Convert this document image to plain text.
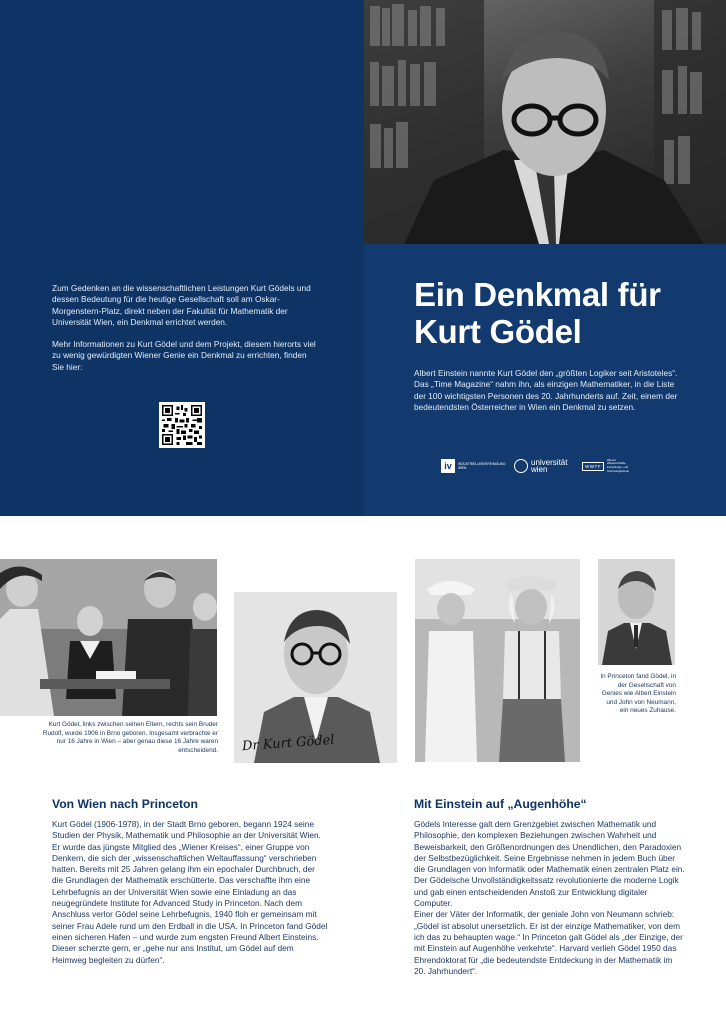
Zum Gedenken an die wissenschaftlichen Leistungen Kurt Gödels und dessen Bedeutung für die heutige Gesellschaft soll am Oskar-Morgenstern-Platz, direkt neben der Fakultät für Mathematik der Universität Wien, ein Denkmal errichtet werden.

Mehr Informationen zu Kurt Gödel und dem Projekt, diesem hierorts viel zu wenig gewürdigten Wiener Genie ein Denkmal zu errichten, finden Sie hier:

Ein Denkmal für
Kurt Gödel

Albert Einstein nannte Kurt Gödel den „größten Logiker seit Aristoteles“. Das „Time Magazine“ nahm ihn, als einzigen Mathematiker, in die Liste der 100 wichtigsten Personen des 20. Jahrhunderts auf. Zeit, einem der bedeutendsten Österreicher in Wien ein Denkmal zu setzen.

iv	INDUSTRIELLENVEREINIGUNG WIEN
universität
wien	WWTF
Wiener Wissenschafts-, Forschungs- und Technologiefonds

Kurt Gödel, links zwischen seinen Eltern, rechts sein Bruder Rudolf, wurde 1906 in Brno geboren. Insgesamt verbrachte er nur 16 Jahre in Wien – aber genau diese 16 Jahre waren entscheidend.

In Princeton fand Gödel, in der Gesellschaft von Genies wie Albert Einstein und John von Neumann, ein neues Zuhause.

Von Wien nach Princeton

Kurt Gödel (1906-1978), in der Stadt Brno geboren, begann 1924 seine Studien der Physik, Mathematik und Philosophie an der Universität Wien. Er wurde das jüngste Mitglied des „Wiener Kreises“, einer Gruppe von Denkern, die sich der „wissenschaftlichen Weltauffassung“ verschrieben hatten. Bereits mit 25 Jahren gelang ihm ein epochaler Durchbruch, der die Grundlagen der Mathematik erschütterte. Das verschaffte ihm eine Lehrbefugnis an der Universität Wien sowie eine Einladung an das neugegründete Institute for Advanced Study in Princeton. Nach dem Anschluss verlor Gödel seine Lehrbefugnis, 1940 floh er gemeinsam mit seiner Frau Adele rund um den Erdball in die USA. In Princeton fand Gödel einen sicheren Hafen – und wurde zum engsten Freund Albert Einsteins. Dieser scherzte gern, er „gehe nur ans Institut, um Gödel auf dem Heimweg begleiten zu dürfen“.

Mit Einstein auf „Augenhöhe“
Gödels Interesse galt dem Grenzgebiet zwischen Mathematik und Philosophie, den komplexen Beziehungen zwischen Wahrheit und Beweisbarkeit, den Größenordnungen des Unendlichen, den Paradoxien der Selbstbezüglichkeit. Seine Ergebnisse nehmen in jedem Buch über die Grundlagen von Informatik oder Mathematik einen zentralen Platz ein. Der Gödelsche Unvollständigkeitssatz revolutionierte die moderne Logik und gab einen entscheidenden Anstoß zur Entwicklung digitaler Computer.
Einer der Väter der Informatik, der geniale John von Neumann schrieb: „Gödel ist absolut unersetzlich. Er ist der einzige Mathematiker, von dem ich das zu behaupten wage.“ In Princeton galt Gödel als „der Einzige, der mit Einstein auf Augenhöhe verkehrte“. Harvard verlieh Gödel 1950 das Ehrendoktorat für „die bedeutendste Entdeckung in der Mathematik im 20. Jahrhundert“.
Dr Kurt Gödel
